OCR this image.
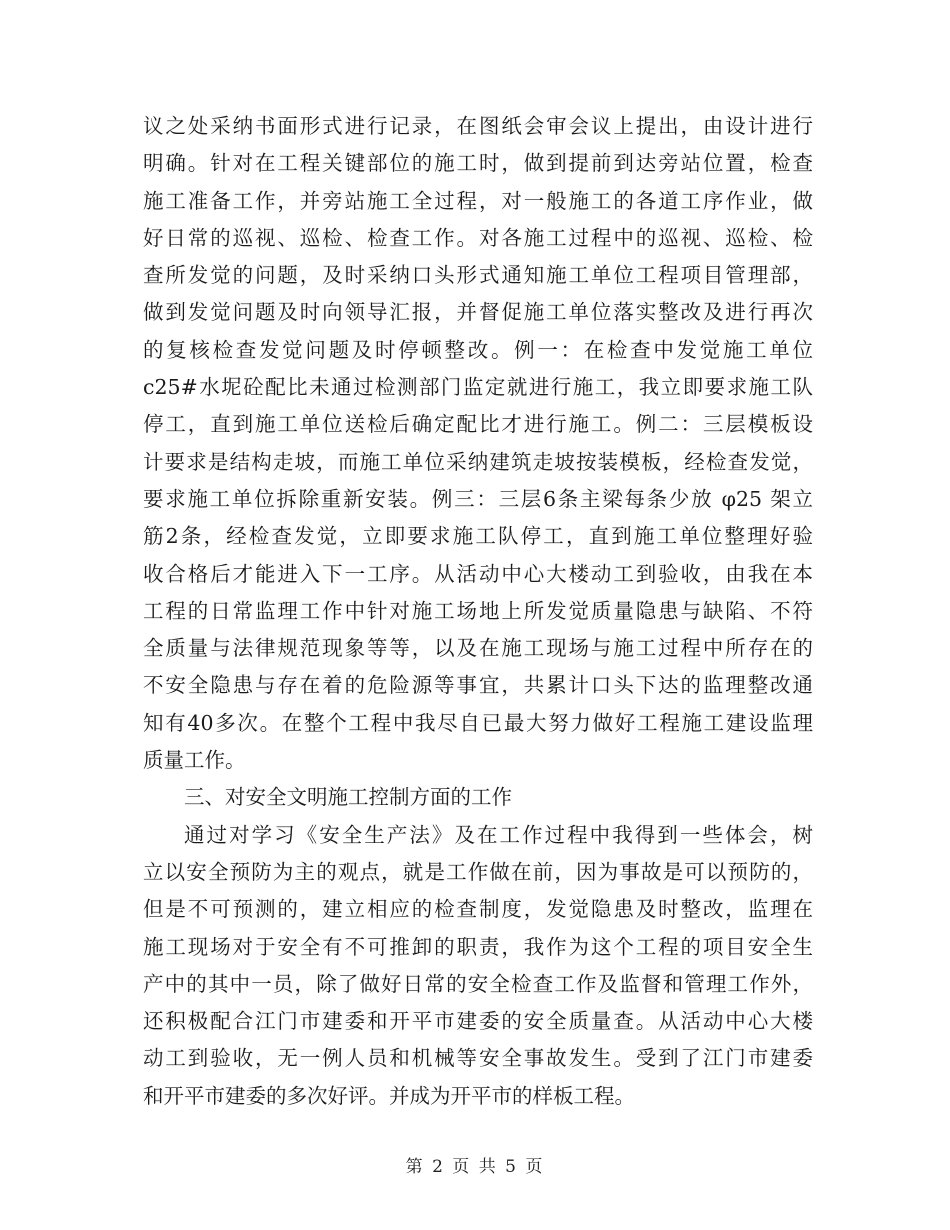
议之处采纳书面形式进行记录，在图纸会审会议上提出，由设计进行
明确。针对在工程关键部位的施工时，做到提前到达旁站位置，检查
施工准备工作，并旁站施工全过程，对一般施工的各道工序作业，做
好日常的巡视、巡检、检查工作。对各施工过程中的巡视、巡检、检
查所发觉的问题，及时采纳口头形式通知施工单位工程项目管理部，
做到发觉问题及时向领导汇报，并督促施工单位落实整改及进行再次
的复核检查发觉问题及时停顿整改。例一：在检查中发觉施工单位
c25#水坭砼配比未通过检测部门监定就进行施工，我立即要求施工队
停工，直到施工单位送检后确定配比才进行施工。例二：三层模板设
计要求是结构走坡，而施工单位采纳建筑走坡按装模板，经检查发觉，
要求施工单位拆除重新安装。例三：三层6条主梁每条少放 φ25 架立
筋2条，经检查发觉，立即要求施工队停工，直到施工单位整理好验
收合格后才能进入下一工序。从活动中心大楼动工到验收，由我在本
工程的日常监理工作中针对施工场地上所发觉质量隐患与缺陷、不符
全质量与法律规范现象等等，以及在施工现场与施工过程中所存在的
不安全隐患与存在着的危险源等事宜，共累计口头下达的监理整改通
知有40多次。在整个工程中我尽自已最大努力做好工程施工建设监理
质量工作。
三、对安全文明施工控制方面的工作
通过对学习《安全生产法》及在工作过程中我得到一些体会，树
立以安全预防为主的观点，就是工作做在前，因为事故是可以预防的，
但是不可预测的，建立相应的检查制度，发觉隐患及时整改，监理在
施工现场对于安全有不可推卸的职责，我作为这个工程的项目安全生
产中的其中一员，除了做好日常的安全检查工作及监督和管理工作外，
还积极配合江门市建委和开平市建委的安全质量查。从活动中心大楼
动工到验收，无一例人员和机械等安全事故发生。受到了江门市建委
和开平市建委的多次好评。并成为开平市的样板工程。
第 2 页 共 5 页
